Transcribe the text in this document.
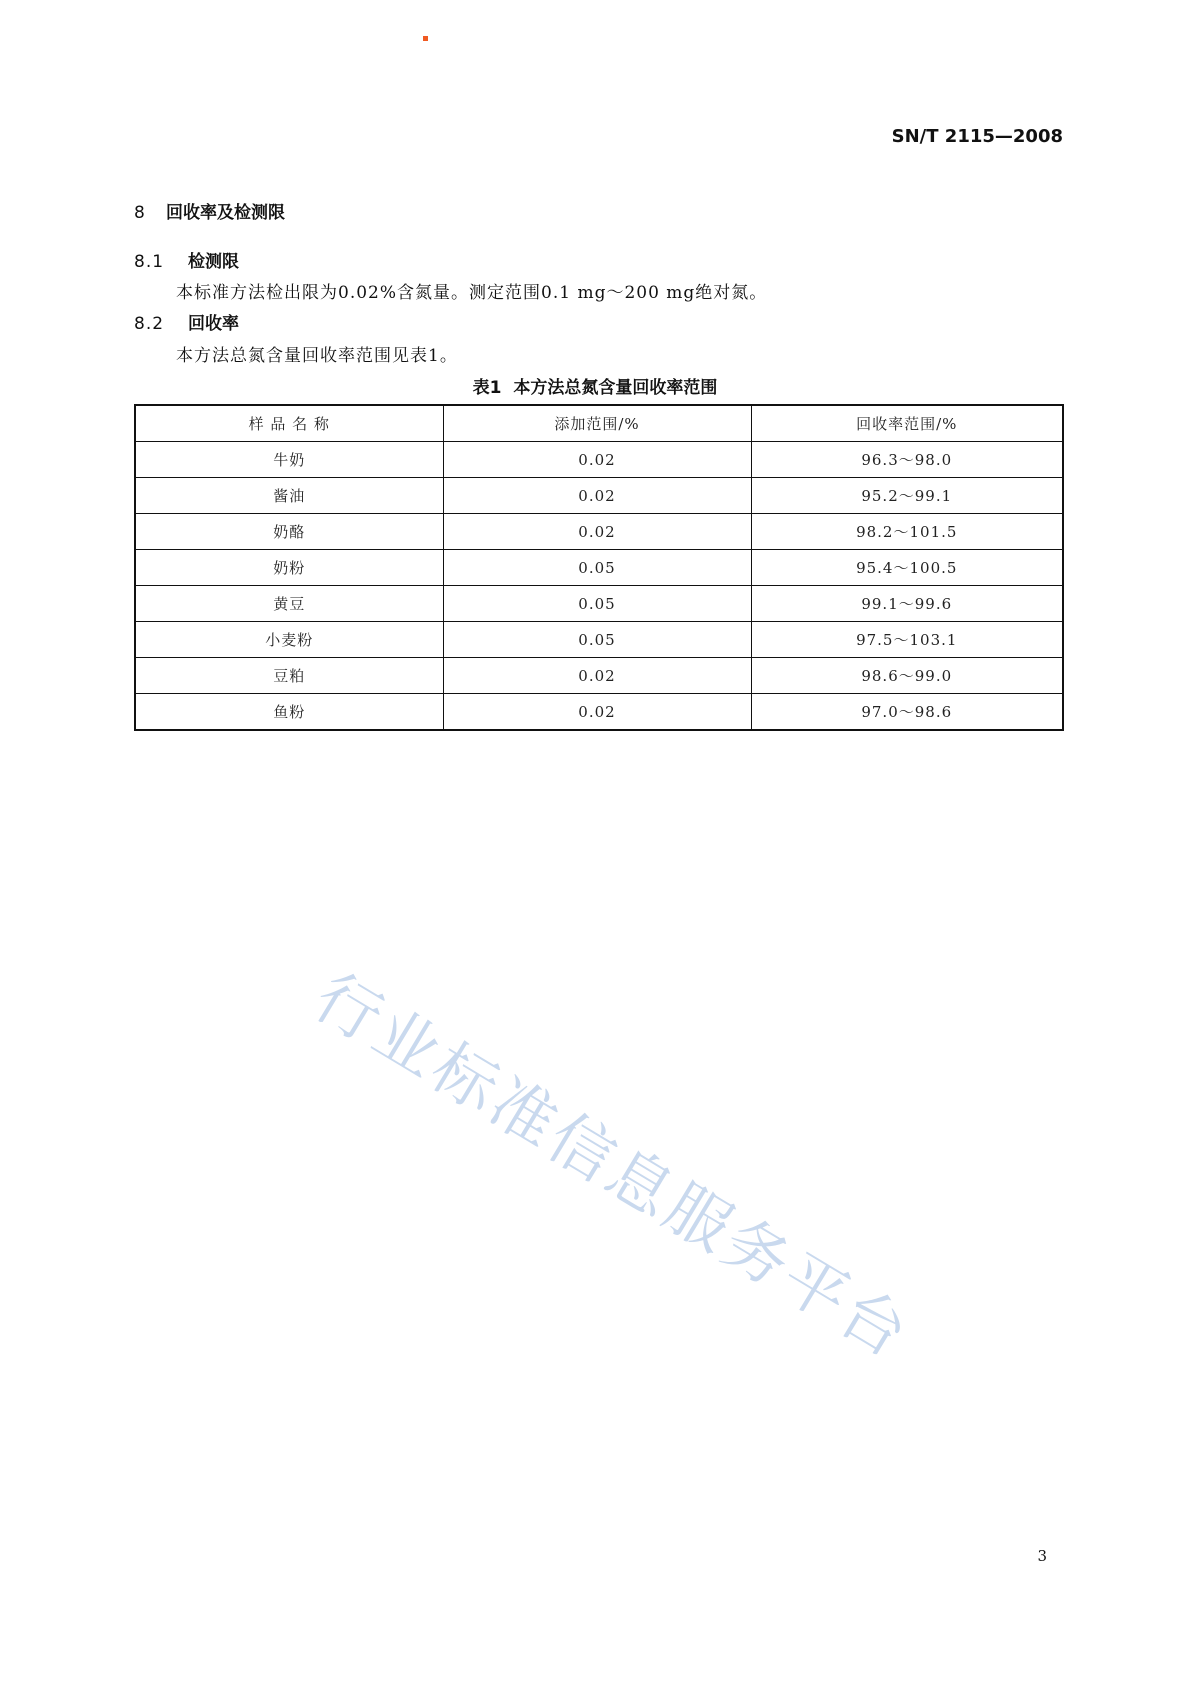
SN/T 2115—2008
8 回收率及检测限
8.1 检测限
本标准方法检出限为0.02%含氮量。测定范围0.1 mg～200 mg绝对氮。
8.2 回收率
本方法总氮含量回收率范围见表1。
表1  本方法总氮含量回收率范围
样 品 名 称	添加范围/%	回收率范围/%
牛奶	0.02	96.3～98.0
酱油	0.02	95.2～99.1
奶酪	0.02	98.2～101.5
奶粉	0.05	95.4～100.5
黄豆	0.05	99.1～99.6
小麦粉	0.05	97.5～103.1
豆粕	0.02	98.6～99.0
鱼粉	0.02	97.0～98.6
行业标准信息服务平台
3
